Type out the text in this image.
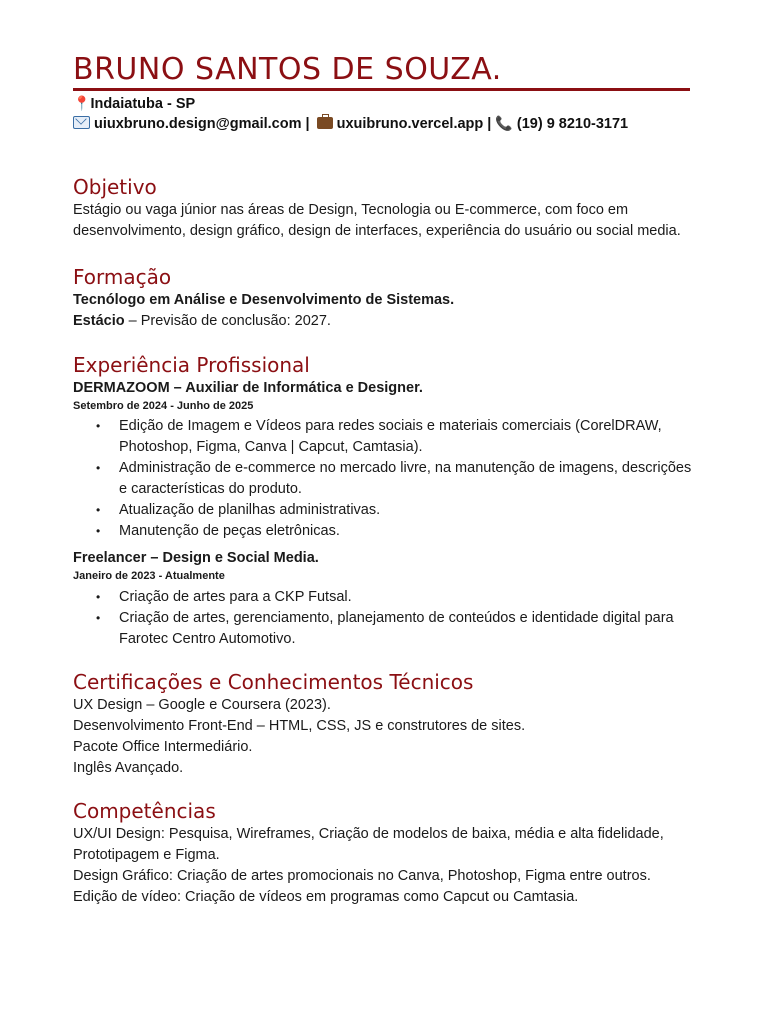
BRUNO SANTOS DE SOUZA.
📍Indaiatuba - SP
uiuxbruno.design@gmail.com | uxuibruno.vercel.app | 📞 (19) 9 8210-3171
Objetivo

Estágio ou vaga júnior nas áreas de Design, Tecnologia ou E-commerce, com foco em desenvolvimento, design gráfico, design de interfaces, experiência do usuário ou social media.

Formação
Tecnólogo em Análise e Desenvolvimento de Sistemas.
Estácio – Previsão de conclusão: 2027.
Experiência Profissional
DERMAZOOM – Auxiliar de Informática e Designer.
Setembro de 2024 - Junho de 2025
• Edição de Imagem e Vídeos para redes sociais e materiais comerciais (CorelDRAW, Photoshop, Figma, Canva | Capcut, Camtasia).
• Administração de e-commerce no mercado livre, na manutenção de imagens, descrições e características do produto.
• Atualização de planilhas administrativas.
• Manutenção de peças eletrônicas.
Freelancer – Design e Social Media.
Janeiro de 2023 - Atualmente
• Criação de artes para a CKP Futsal.
• Criação de artes, gerenciamento, planejamento de conteúdos e identidade digital para Farotec Centro Automotivo.
Certificações e Conhecimentos Técnicos
UX Design – Google e Coursera (2023).
Desenvolvimento Front-End – HTML, CSS, JS e construtores de sites.
Pacote Office Intermediário.
Inglês Avançado.
Competências
UX/UI Design: Pesquisa, Wireframes, Criação de modelos de baixa, média e alta fidelidade, Prototipagem e Figma.
Design Gráfico: Criação de artes promocionais no Canva, Photoshop, Figma entre outros.
Edição de vídeo: Criação de vídeos em programas como Capcut ou Camtasia.
